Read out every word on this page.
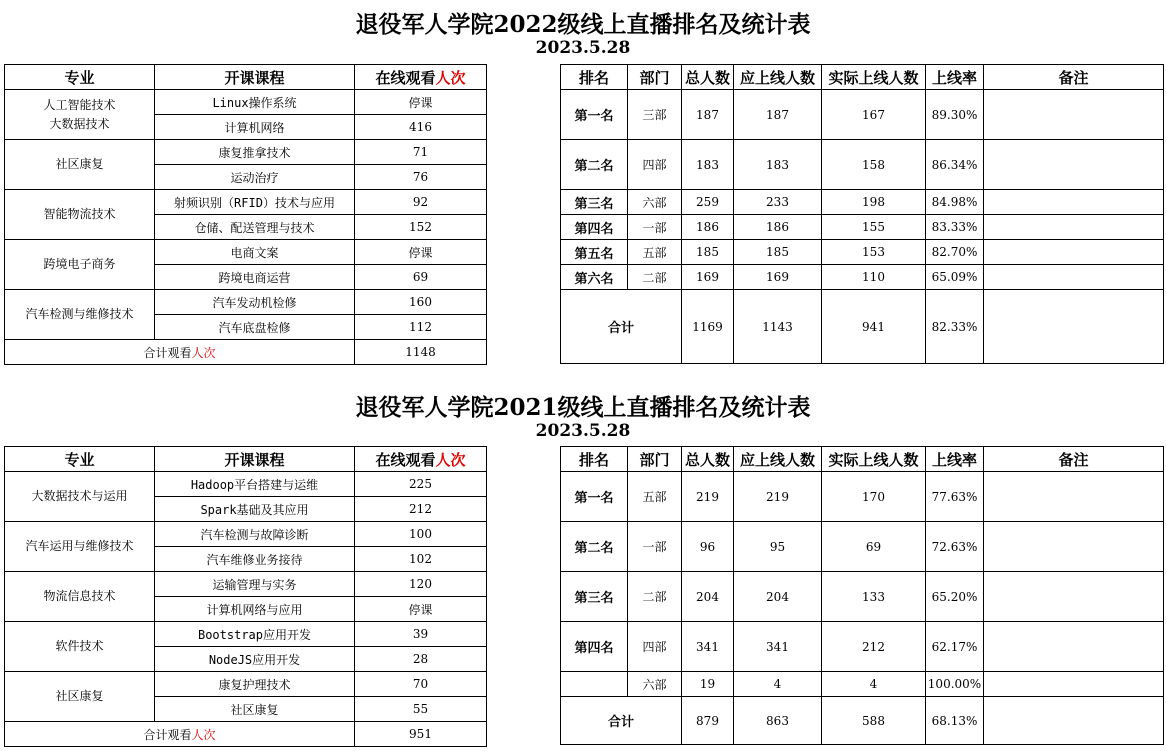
退役军人学院2022级线上直播排名及统计表
2023.5.28
专业	开课课程	在线观看人次
人工智能技术
大数据技术	Linux操作系统	停课
	计算机网络	416
社区康复	康复推拿技术	71
	运动治疗	76
智能物流技术	射频识别（RFID）技术与应用	92
	仓储、配送管理与技术	152
跨境电子商务	电商文案	停课
	跨境电商运营	69
汽车检测与维修技术	汽车发动机检修	160
	汽车底盘检修	112
合计观看人次		1148
排名	部门	总人数	应上线人数	实际上线人数	上线率	备注
第一名	三部	187	187	167	89.30%	
第二名	四部	183	183	158	86.34%	
第三名	六部	259	233	198	84.98%	
第四名	一部	186	186	155	83.33%	
第五名	五部	185	185	153	82.70%	
第六名	二部	169	169	110	65.09%	
合计		1169	1143	941	82.33%	
退役军人学院2021级线上直播排名及统计表
2023.5.28
专业	开课课程	在线观看人次
大数据技术与运用	Hadoop平台搭建与运维	225
	Spark基础及其应用	212
汽车运用与维修技术	汽车检测与故障诊断	100
	汽车维修业务接待	102
物流信息技术	运输管理与实务	120
	计算机网络与应用	停课
软件技术	Bootstrap应用开发	39
	NodeJS应用开发	28
社区康复	康复护理技术	70
	社区康复	55
合计观看人次		951
排名	部门	总人数	应上线人数	实际上线人数	上线率	备注
第一名	五部	219	219	170	77.63%	
第二名	一部	96	95	69	72.63%	
第三名	二部	204	204	133	65.20%	
第四名	四部	341	341	212	62.17%	
	六部	19	4	4	100.00%	
合计		879	863	588	68.13%	
